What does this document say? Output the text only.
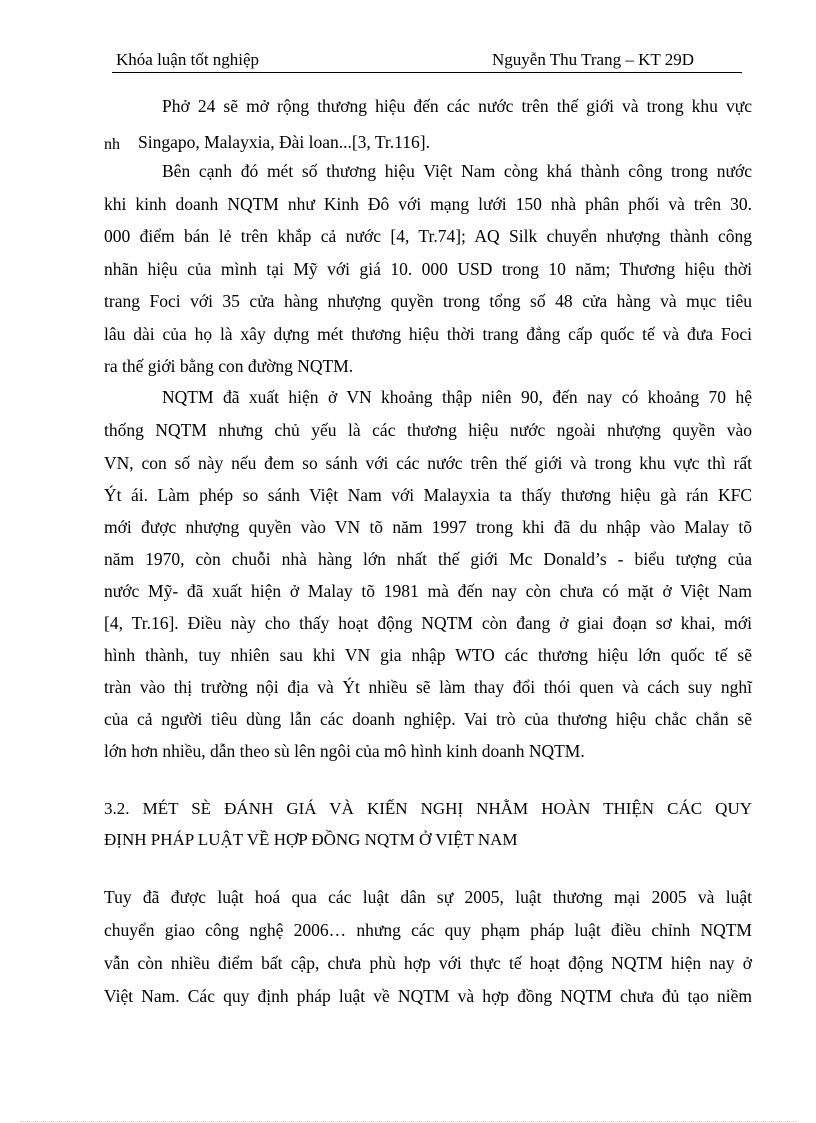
Khóa luận tốt nghiệp	Nguyễn Thu Trang – KT 29D
nh
Phở 24 sẽ mở rộng thương hiệu đến các nước trên thế giới và trong khu vực
Singapo, Malayxia, Đài loan...[3, Tr.116].
Bên cạnh đó mét số thương hiệu Việt Nam còng khá thành công trong nước
khi kinh doanh NQTM như Kinh Đô với mạng lưới 150 nhà phân phối và trên 30.
000 điểm bán lẻ trên khắp cả nước [4, Tr.74]; AQ Silk chuyển nhượng thành công
nhãn hiệu của mình tại Mỹ với giá 10. 000 USD trong 10 năm; Thương hiệu thời
trang Foci với 35 cửa hàng nhượng quyền trong tổng số 48 cửa hàng và mục tiêu
lâu dài của họ là xây dựng mét thương hiệu thời trang đẳng cấp quốc tế và đưa Foci
ra thế giới bằng con đường NQTM.
NQTM đã xuất hiện ở VN khoảng thập niên 90, đến nay có khoảng 70 hệ
thống NQTM nhưng chủ yếu là các thương hiệu nước ngoài nhượng quyền vào
VN, con số này nếu đem so sánh với các nước trên thế giới và trong khu vực thì rất
Ýt ái. Làm phép so sánh Việt Nam với Malayxia ta thấy thương hiệu gà rán KFC
mới được nhượng quyền vào VN tõ năm 1997 trong khi đã du nhập vào Malay tõ
năm 1970, còn chuỗi nhà hàng lớn nhất thế giới Mc Donald’s - biểu tượng của
nước Mỹ- đã xuất hiện ở Malay tõ 1981 mà đến nay còn chưa có mặt ở Việt Nam
[4, Tr.16]. Điều này cho thấy hoạt động NQTM còn đang ở giai đoạn sơ khai, mới
hình thành, tuy nhiên sau khi VN gia nhập WTO các thương hiệu lớn quốc tế sẽ
tràn vào thị trường nội địa và Ýt nhiều sẽ làm thay đổi thói quen và cách suy nghĩ
của cả người tiêu dùng lẫn các doanh nghiệp. Vai trò của thương hiệu chắc chắn sẽ
lớn hơn nhiều, dẫn theo sù lên ngôi của mô hình kinh doanh NQTM.
3.2. MÉT SÈ ĐÁNH GIÁ VÀ KIẾN NGHỊ NHẰM HOÀN THIỆN CÁC QUY
ĐỊNH PHÁP LUẬT VỀ HỢP ĐỒNG NQTM Ở VIỆT NAM
Tuy đã được luật hoá qua các luật dân sự 2005, luật thương mại 2005 và luật
chuyển giao công nghệ 2006… nhưng các quy phạm pháp luật điều chỉnh NQTM
vẫn còn nhiều điểm bất cập, chưa phù hợp với thực tế hoạt động NQTM hiện nay ở
Việt Nam. Các quy định pháp luật về NQTM và hợp đồng NQTM chưa đủ tạo niềm
